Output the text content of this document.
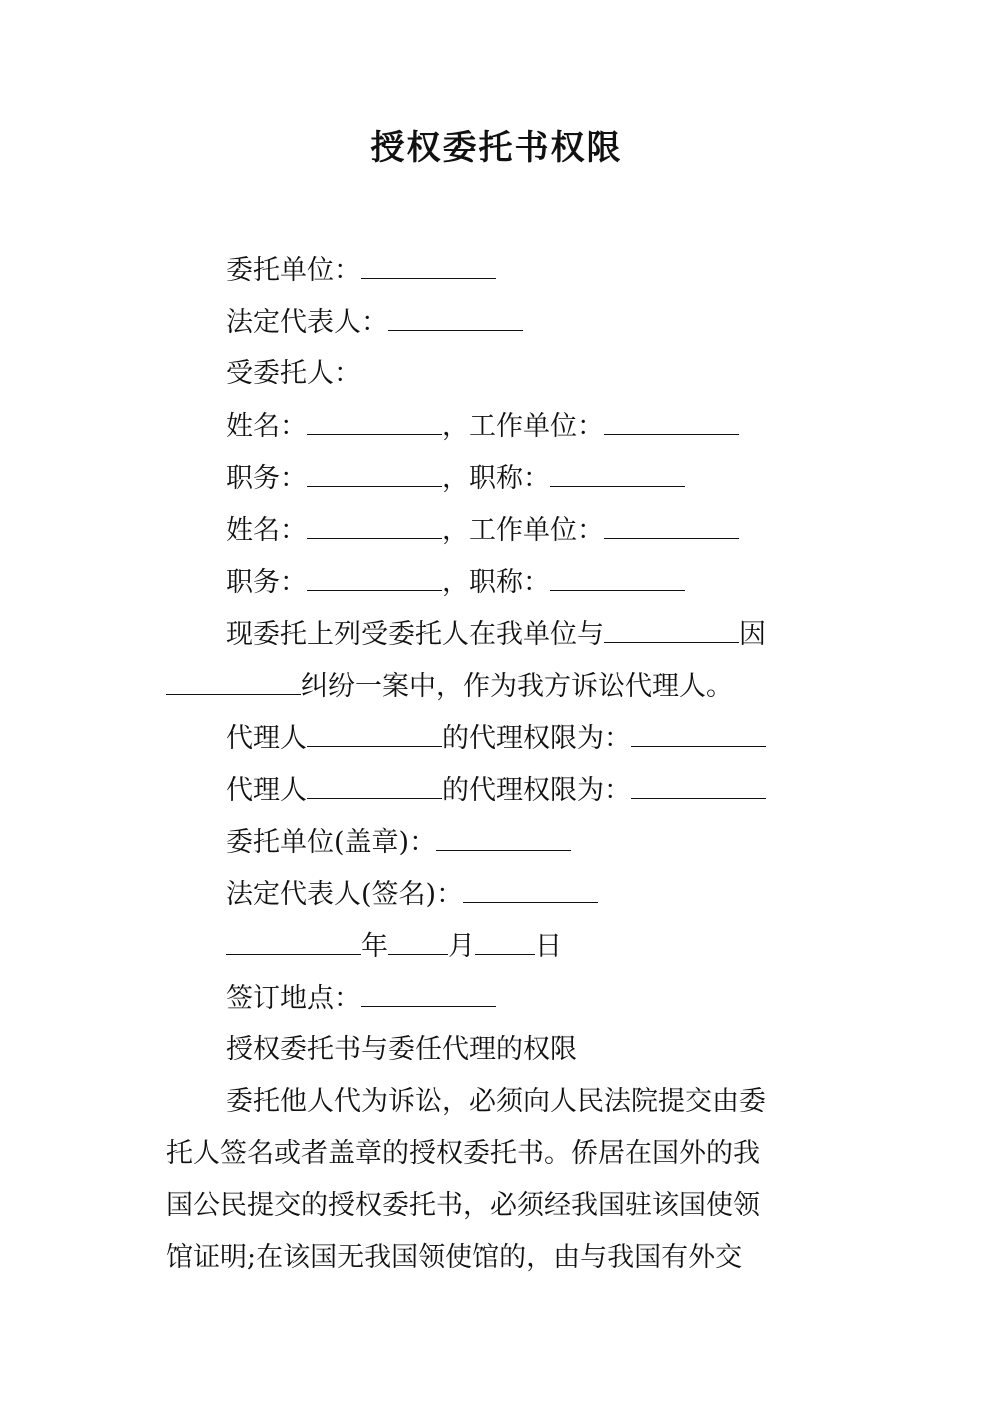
授权委托书权限
委托单位：
法定代表人：
受委托人：
姓名：	，工作单位：
职务：	，职称：
姓名：	，工作单位：
职务：	，职称：
现委托上列受委托人在我单位与	因
纠纷一案中，作为我方诉讼代理人。
代理人	的代理权限为：
代理人	的代理权限为：
委托单位(盖章)：
法定代表人(签名)：
年 月 日
签订地点：
授权委托书与委任代理的权限
委托他人代为诉讼，必须向人民法院提交由委
托人签名或者盖章的授权委托书。侨居在国外的我
国公民提交的授权委托书，必须经我国驻该国使领
馆证明;在该国无我国领使馆的，由与我国有外交
